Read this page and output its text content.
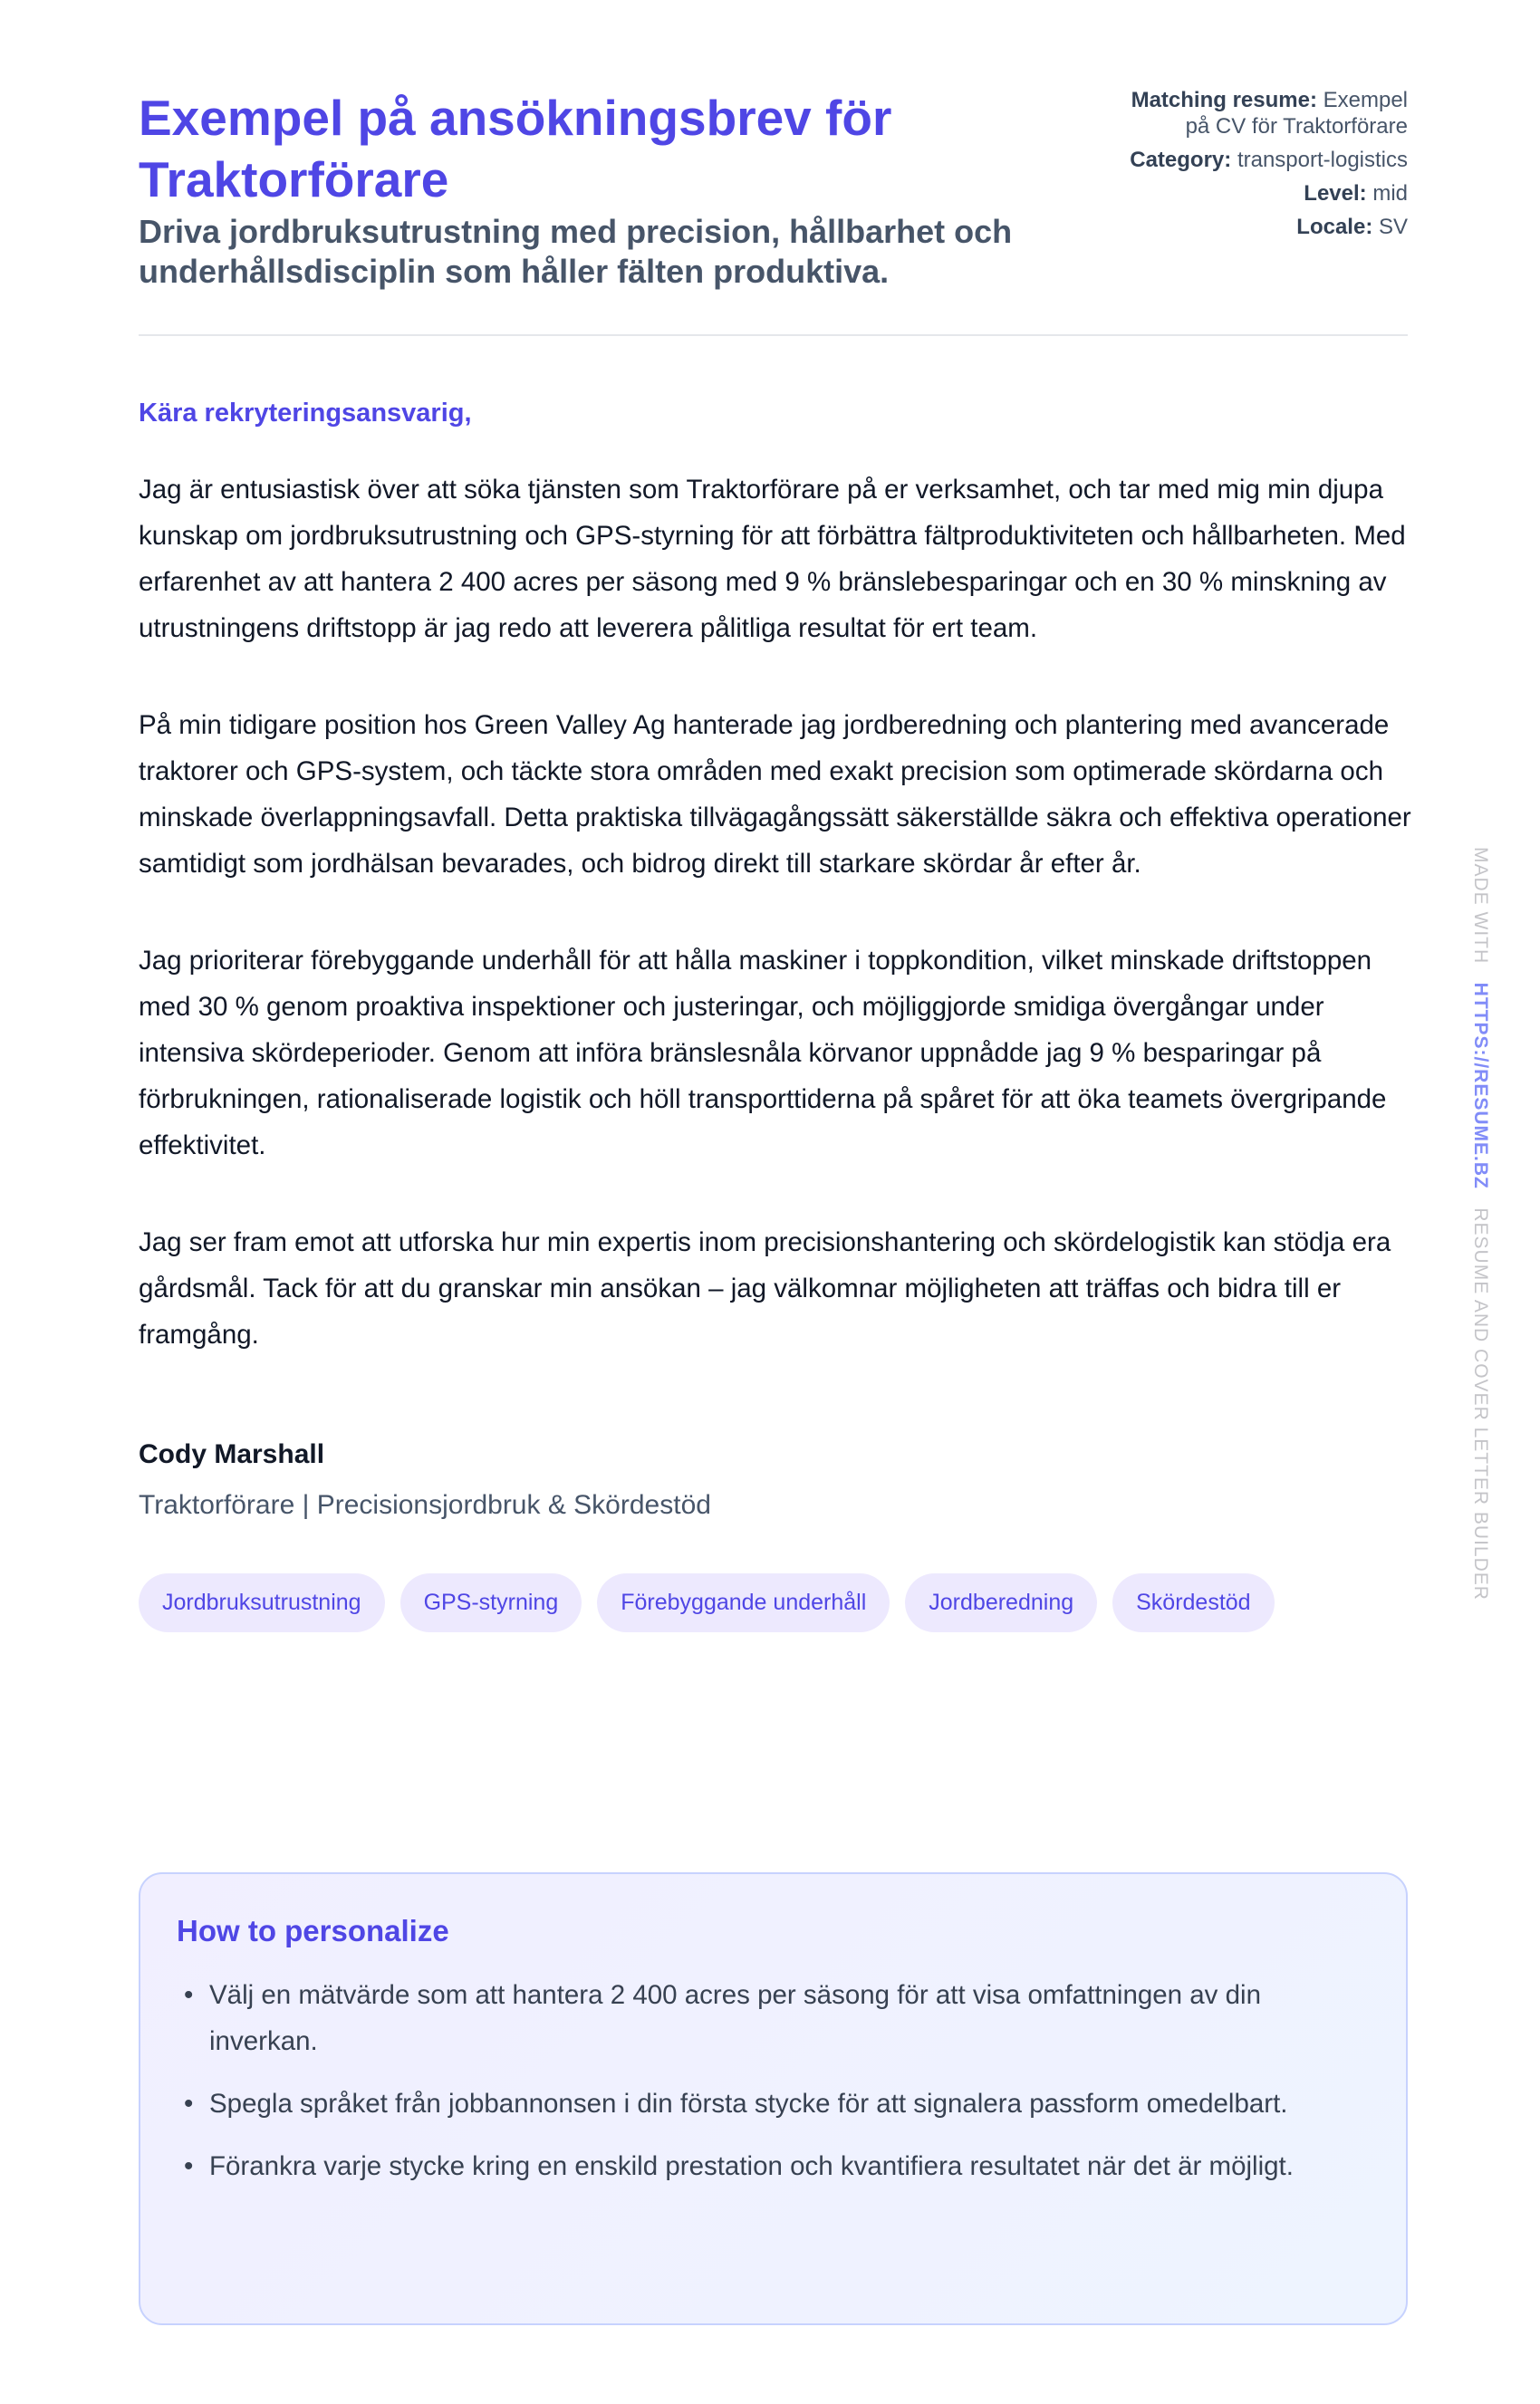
Exempel på ansökningsbrev för Traktorförare
Driva jordbruksutrustning med precision, hållbarhet och underhållsdisciplin som håller fälten produktiva.
Matching resume: Exempel på CV för Traktorförare
Category: transport-logistics
Level: mid
Locale: SV
Kära rekryteringsansvarig,

Jag är entusiastisk över att söka tjänsten som Traktorförare på er verksamhet, och tar med mig min djupa kunskap om jordbruksutrustning och GPS-styrning för att förbättra fältproduktiviteten och hållbarheten. Med erfarenhet av att hantera 2 400 acres per säsong med 9 % bränslebesparingar och en 30 % minskning av utrustningens driftstopp är jag redo att leverera pålitliga resultat för ert team.

På min tidigare position hos Green Valley Ag hanterade jag jordberedning och plantering med avancerade traktorer och GPS-system, och täckte stora områden med exakt precision som optimerade skördarna och minskade överlappningsavfall. Detta praktiska tillvägagångssätt säkerställde säkra och effektiva operationer samtidigt som jordhälsan bevarades, och bidrog direkt till starkare skördar år efter år.

Jag prioriterar förebyggande underhåll för att hålla maskiner i toppkondition, vilket minskade driftstoppen med 30 % genom proaktiva inspektioner och justeringar, och möjliggjorde smidiga övergångar under intensiva skördeperioder. Genom att införa bränslesnåla körvanor uppnådde jag 9 % besparingar på förbrukningen, rationaliserade logistik och höll transporttiderna på spåret för att öka teamets övergripande effektivitet.

Jag ser fram emot att utforska hur min expertis inom precisionshantering och skördelogistik kan stödja era gårdsmål. Tack för att du granskar min ansökan – jag välkomnar möjligheten att träffas och bidra till er framgång.

Cody Marshall
Traktorförare | Precisionsjordbruk & Skördestöd
Jordbruksutrustning	GPS-styrning	Förebyggande underhåll	Jordberedning	Skördestöd
How to personalize
• Välj en mätvärde som att hantera 2 400 acres per säsong för att visa omfattningen av din inverkan.
• Spegla språket från jobbannonsen i din första stycke för att signalera passform omedelbart.
• Förankra varje stycke kring en enskild prestation och kvantifiera resultatet när det är möjligt.
MADE WITH   HTTPS://RESUME.BZ   RESUME AND COVER LETTER BUILDER
